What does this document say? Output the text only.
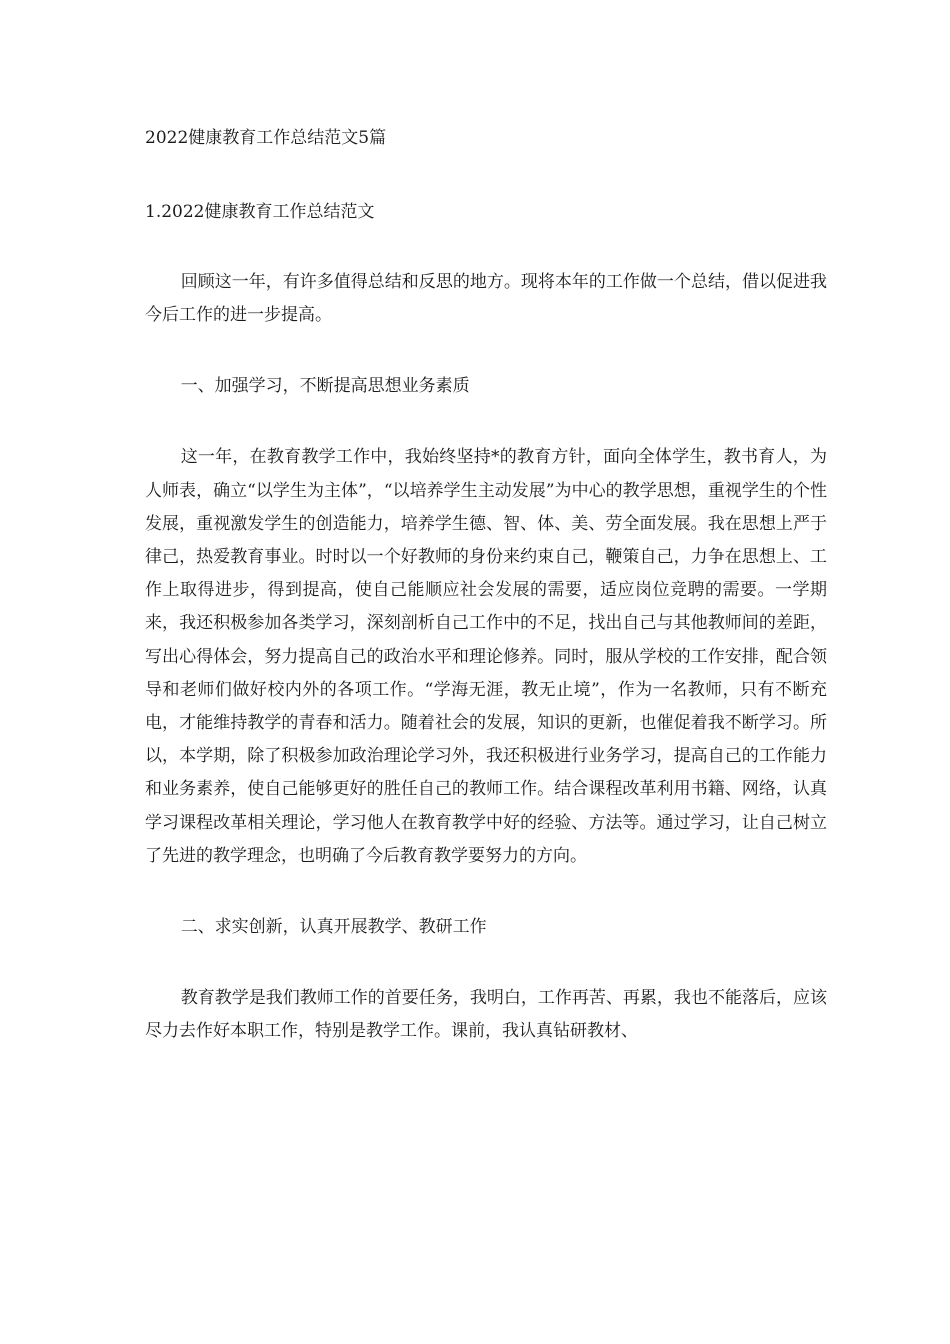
2022健康教育工作总结范文5篇
1.2022健康教育工作总结范文

回顾这一年，有许多值得总结和反思的地方。现将本年的工作做一个总结，借以促进我今后工作的进一步提高。

一、加强学习，不断提高思想业务素质

这一年，在教育教学工作中，我始终坚持*的教育方针，面向全体学生，教书育人，为人师表，确立“以学生为主体”，“以培养学生主动发展”为中心的教学思想，重视学生的个性发展，重视激发学生的创造能力，培养学生德、智、体、美、劳全面发展。我在思想上严于律己，热爱教育事业。时时以一个好教师的身份来约束自己，鞭策自己，力争在思想上、工作上取得进步，得到提高，使自己能顺应社会发展的需要，适应岗位竞聘的需要。一学期来，我还积极参加各类学习，深刻剖析自己工作中的不足，找出自己与其他教师间的差距，写出心得体会，努力提高自己的政治水平和理论修养。同时，服从学校的工作安排，配合领导和老师们做好校内外的各项工作。“学海无涯，教无止境”，作为一名教师，只有不断充电，才能维持教学的青春和活力。随着社会的发展，知识的更新，也催促着我不断学习。所以，本学期，除了积极参加政治理论学习外，我还积极进行业务学习，提高自己的工作能力和业务素养，使自己能够更好的胜任自己的教师工作。结合课程改革利用书籍、网络，认真学习课程改革相关理论，学习他人在教育教学中好的经验、方法等。通过学习，让自己树立了先进的教学理念，也明确了今后教育教学要努力的方向。

二、求实创新，认真开展教学、教研工作

教育教学是我们教师工作的首要任务，我明白，工作再苦、再累，我也不能落后，应该尽力去作好本职工作，特别是教学工作。课前，我认真钻研教材、
